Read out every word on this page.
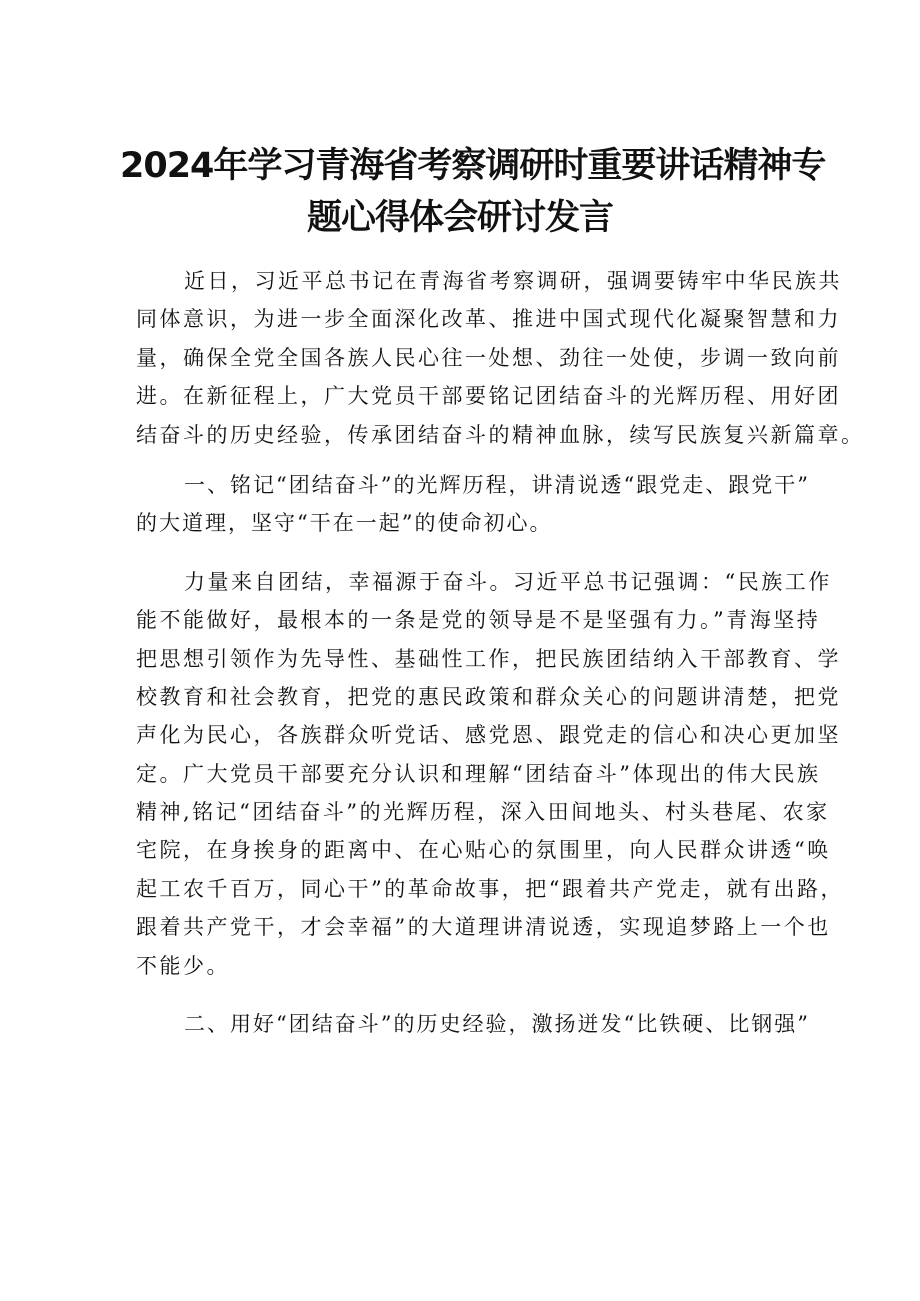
2024年学习青海省考察调研时重要讲话精神专
题心得体会研讨发言
近日，习近平总书记在青海省考察调研，强调要铸牢中华民族共
同体意识，为进一步全面深化改革、推进中国式现代化凝聚智慧和力
量，确保全党全国各族人民心往一处想、劲往一处使，步调一致向前
进。在新征程上，广大党员干部要铭记团结奋斗的光辉历程、用好团
结奋斗的历史经验，传承团结奋斗的精神血脉，续写民族复兴新篇章。
一、铭记“团结奋斗”的光辉历程，讲清说透“跟党走、跟党干”
的大道理，坚守“干在一起”的使命初心。
力量来自团结，幸福源于奋斗。习近平总书记强调：“民族工作
能不能做好，最根本的一条是党的领导是不是坚强有力。”青海坚持
把思想引领作为先导性、基础性工作，把民族团结纳入干部教育、学
校教育和社会教育，把党的惠民政策和群众关心的问题讲清楚，把党
声化为民心，各族群众听党话、感党恩、跟党走的信心和决心更加坚
定。广大党员干部要充分认识和理解“团结奋斗”体现出的伟大民族
精神,铭记“团结奋斗”的光辉历程，深入田间地头、村头巷尾、农家
宅院，在身挨身的距离中、在心贴心的氛围里，向人民群众讲透“唤
起工农千百万，同心干”的革命故事，把“跟着共产党走，就有出路，
跟着共产党干，才会幸福”的大道理讲清说透，实现追梦路上一个也
不能少。
二、用好“团结奋斗”的历史经验，激扬迸发“比铁硬、比钢强”
